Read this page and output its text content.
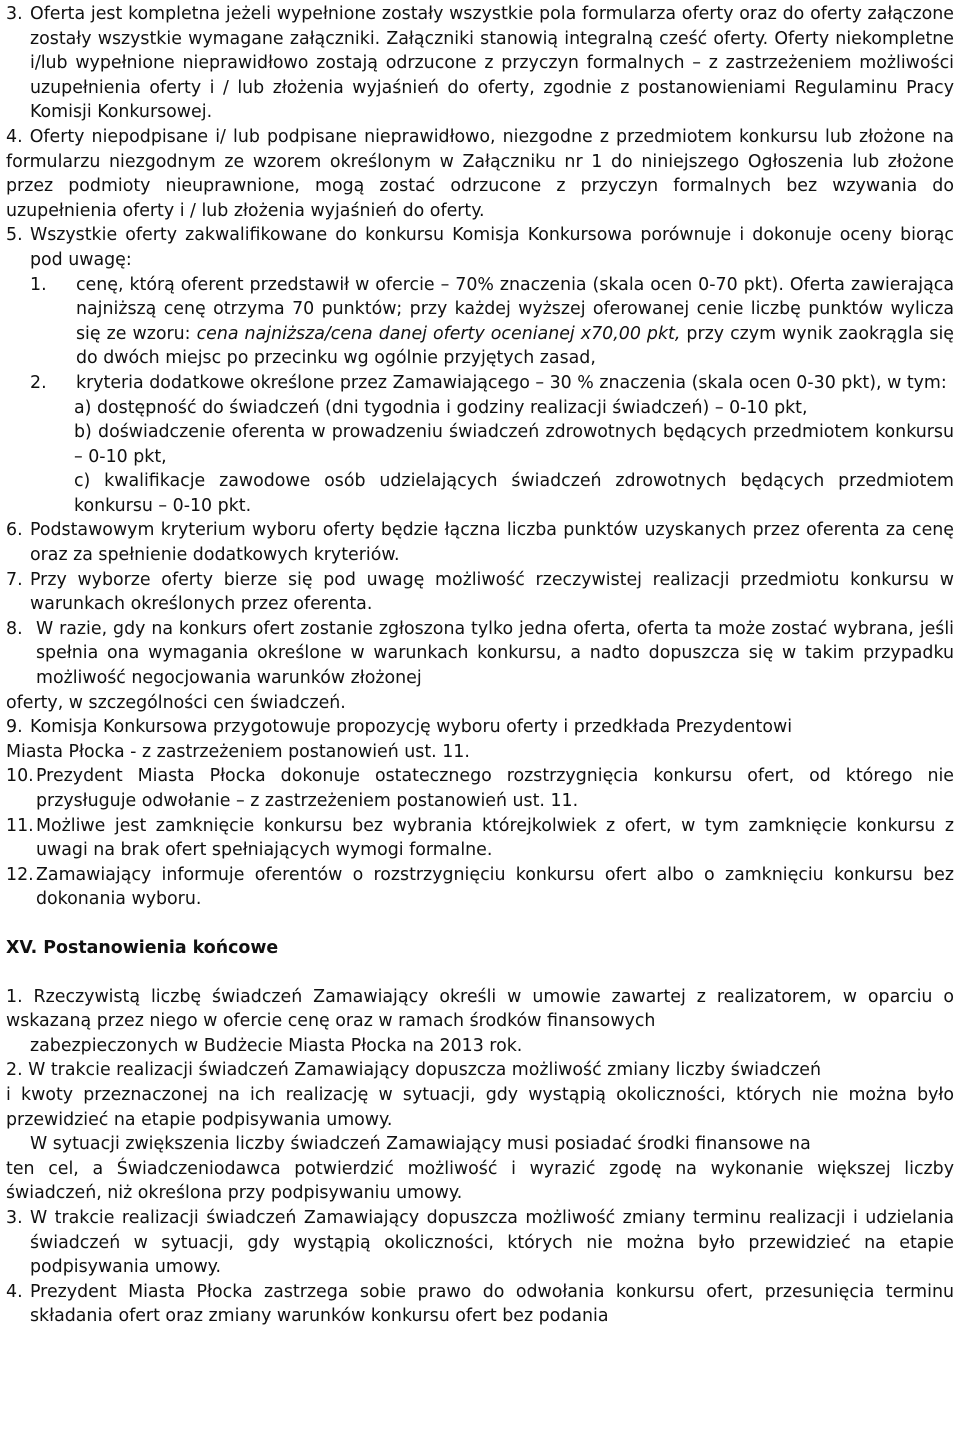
3. Oferta jest kompletna jeżeli wypełnione zostały wszystkie pola formularza oferty oraz do oferty załączone zostały wszystkie wymagane załączniki. Załączniki stanowią integralną cześć oferty. Oferty niekompletne i/lub wypełnione nieprawidłowo zostają odrzucone z przyczyn formalnych – z zastrzeżeniem możliwości uzupełnienia oferty i / lub złożenia wyjaśnień do oferty, zgodnie z postanowieniami Regulaminu Pracy Komisji Konkursowej.
4. Oferty niepodpisane i/ lub podpisane nieprawidłowo, niezgodne z przedmiotem konkursu lub złożone na formularzu niezgodnym ze wzorem określonym w Załączniku nr 1 do niniejszego Ogłoszenia lub złożone przez podmioty nieuprawnione, mogą zostać odrzucone z przyczyn formalnych bez wzywania do uzupełnienia oferty i / lub złożenia wyjaśnień do oferty.
5. Wszystkie oferty zakwalifikowane do konkursu Komisja Konkursowa porównuje i dokonuje oceny biorąc pod uwagę:
1.	cenę, którą oferent przedstawił w ofercie – 70% znaczenia (skala ocen 0-70 pkt). Oferta zawierająca najniższą cenę otrzyma 70 punktów; przy każdej wyższej oferowanej cenie liczbę punktów wylicza się ze wzoru: cena najniższa/cena danej oferty ocenianej x70,00 pkt, przy czym wynik zaokrągla się do dwóch miejsc po przecinku wg ogólnie przyjętych zasad,
2.	kryteria dodatkowe określone przez Zamawiającego – 30 % znaczenia (skala ocen 0-30 pkt), w tym:
a) dostępność do świadczeń (dni tygodnia i godziny realizacji świadczeń) – 0-10 pkt,
b) doświadczenie oferenta w prowadzeniu świadczeń zdrowotnych będących przedmiotem konkursu – 0-10 pkt,
c) kwalifikacje zawodowe osób udzielających świadczeń zdrowotnych będących przedmiotem konkursu – 0-10 pkt.
6. Podstawowym kryterium wyboru oferty będzie łączna liczba punktów uzyskanych przez oferenta za cenę oraz za spełnienie dodatkowych kryteriów.
7. Przy wyborze oferty bierze się pod uwagę możliwość rzeczywistej realizacji przedmiotu konkursu w warunkach określonych przez oferenta.
8. W razie, gdy na konkurs ofert zostanie zgłoszona tylko jedna oferta, oferta ta może zostać wybrana, jeśli spełnia ona wymagania określone w warunkach konkursu, a nadto dopuszcza się w takim przypadku możliwość negocjowania warunków złożonej
oferty, w szczególności cen świadczeń.
9. Komisja Konkursowa przygotowuje propozycję wyboru oferty i przedkłada Prezydentowi
Miasta Płocka - z zastrzeżeniem postanowień ust. 11.
10. Prezydent Miasta Płocka dokonuje ostatecznego rozstrzygnięcia konkursu ofert, od którego nie przysługuje odwołanie – z zastrzeżeniem postanowień ust. 11.
11. Możliwe jest zamknięcie konkursu bez wybrania którejkolwiek z ofert, w tym zamknięcie konkursu z uwagi na brak ofert spełniających wymogi formalne.
12. Zamawiający informuje oferentów o rozstrzygnięciu konkursu ofert albo o zamknięciu konkursu bez dokonania wyboru.
XV. Postanowienia końcowe
1. Rzeczywistą liczbę świadczeń Zamawiający określi w umowie zawartej z realizatorem, w oparciu o wskazaną przez niego w ofercie cenę oraz w ramach środków finansowych
zabezpieczonych w Budżecie Miasta Płocka na 2013 rok.
2. W trakcie realizacji świadczeń Zamawiający dopuszcza możliwość zmiany liczby świadczeń
i kwoty przeznaczonej na ich realizację w sytuacji, gdy wystąpią okoliczności, których nie można było przewidzieć na etapie podpisywania umowy.
W sytuacji zwiększenia liczby świadczeń Zamawiający musi posiadać środki finansowe na
ten cel, a Świadczeniodawca potwierdzić możliwość i wyrazić zgodę na wykonanie większej liczby świadczeń, niż określona przy podpisywaniu umowy.
3. W trakcie realizacji świadczeń Zamawiający dopuszcza możliwość zmiany terminu realizacji i udzielania świadczeń w sytuacji, gdy wystąpią okoliczności, których nie można było przewidzieć na etapie podpisywania umowy.
4. Prezydent Miasta Płocka zastrzega sobie prawo do odwołania konkursu ofert, przesunięcia terminu składania ofert oraz zmiany warunków konkursu ofert bez podania
